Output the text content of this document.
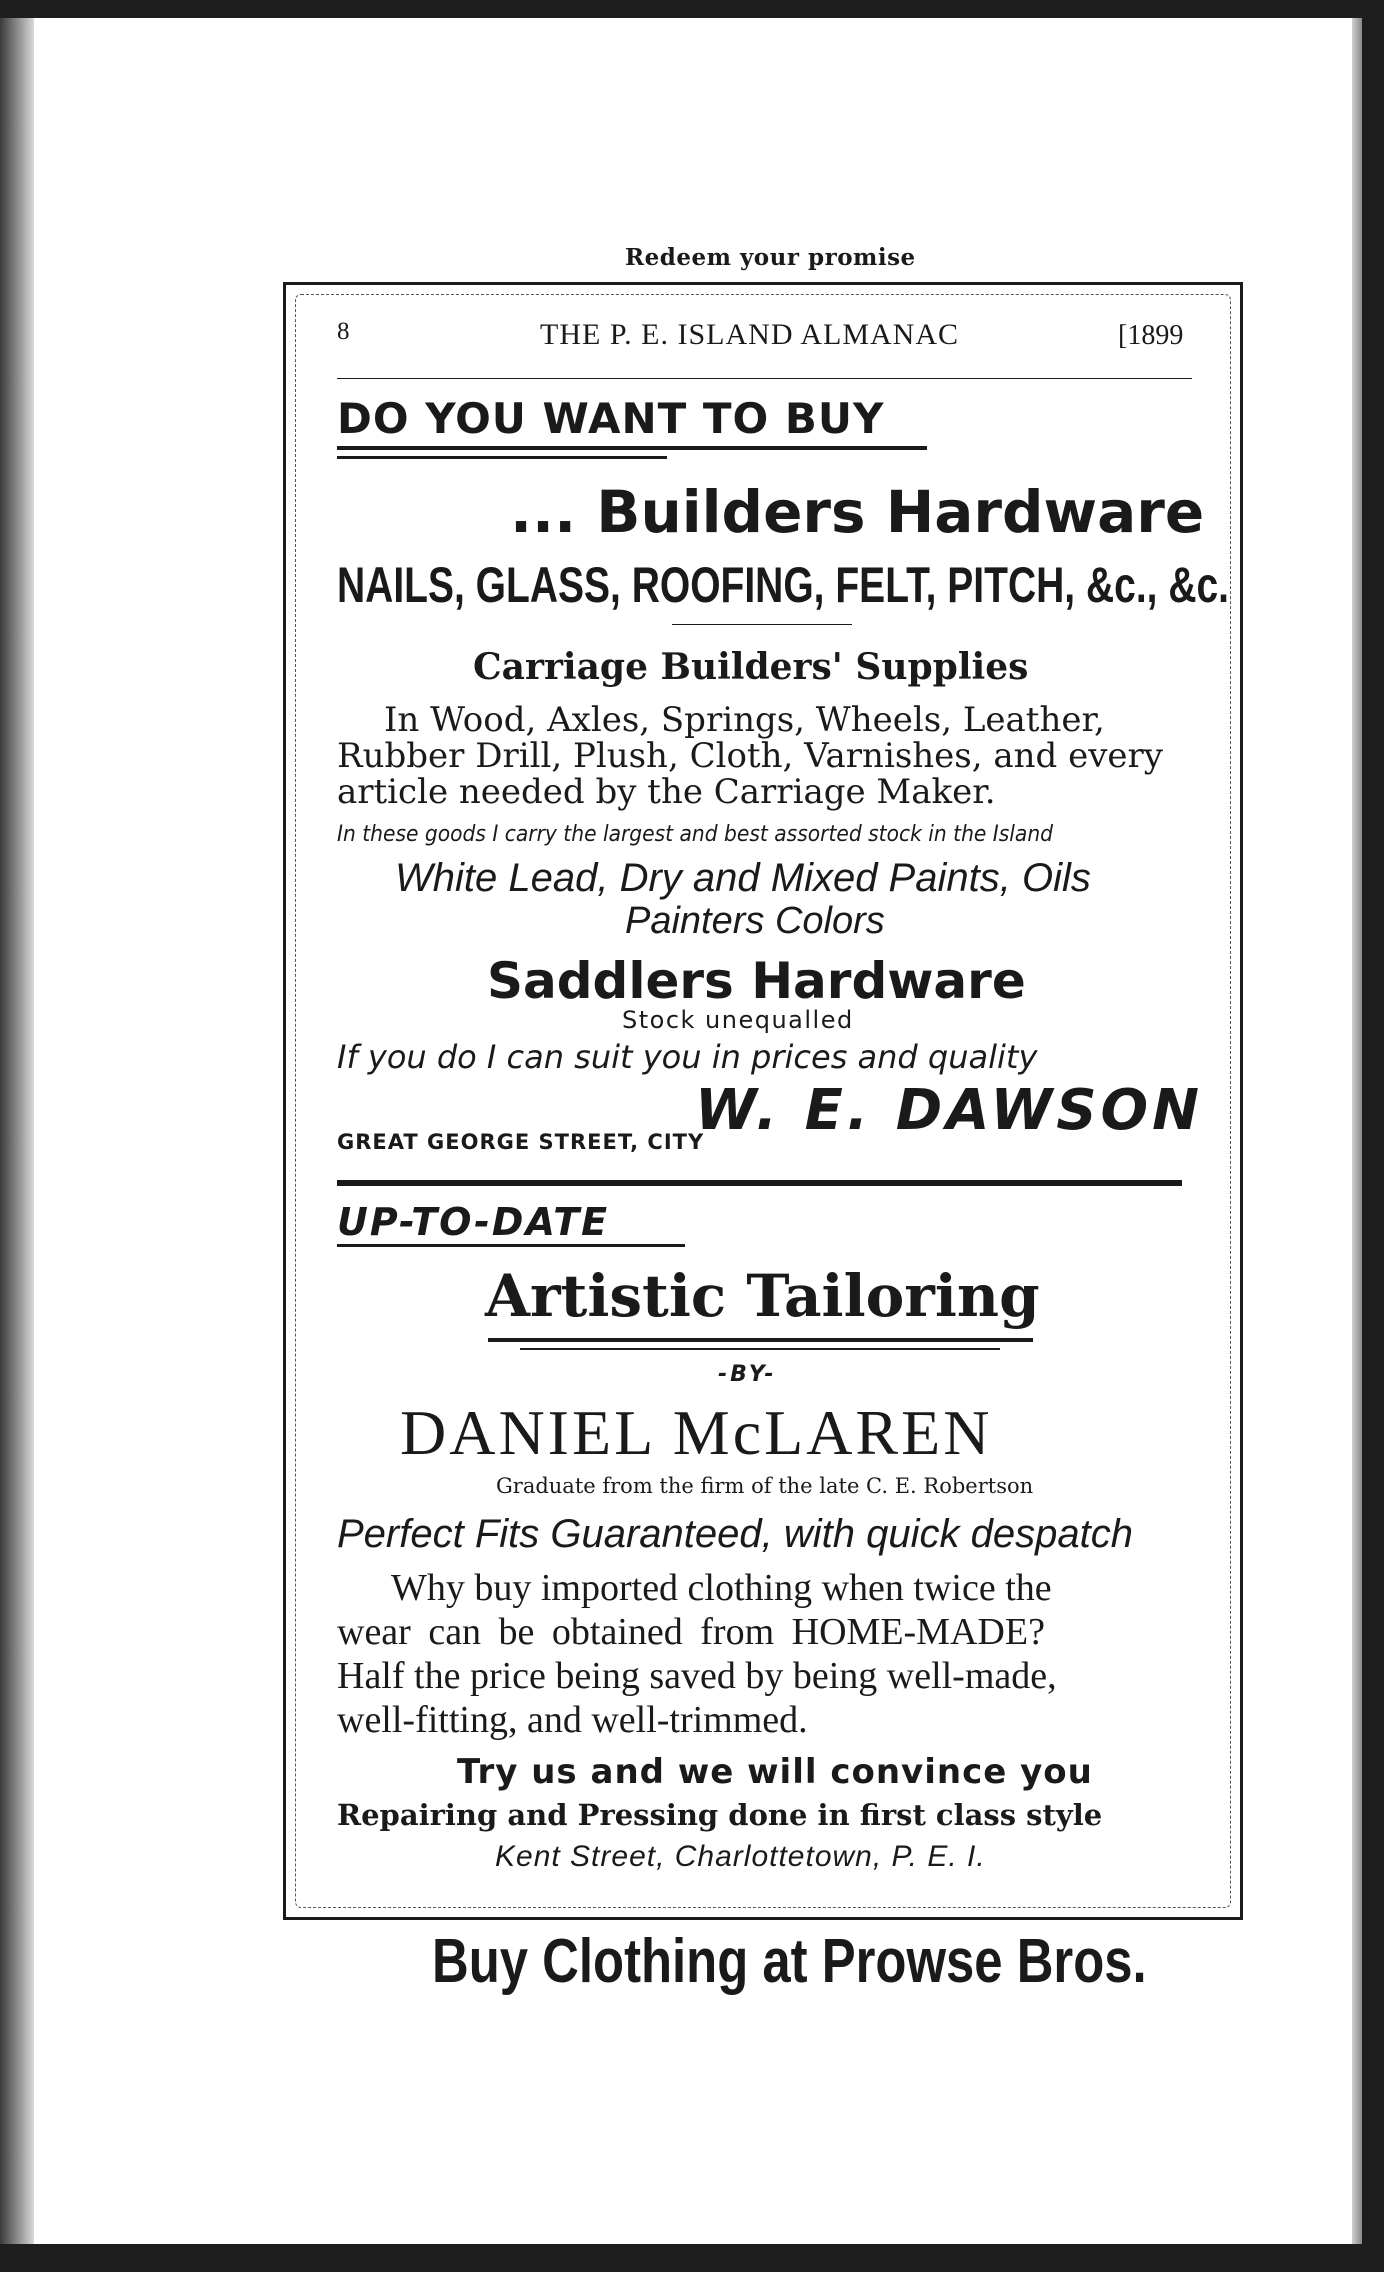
Redeem your promise
8	THE P. E. ISLAND ALMANAC	[1899
DO YOU WANT TO BUY
... Builders Hardware
NAILS, GLASS, ROOFING, FELT, PITCH, &c., &c.
Carriage Builders' Supplies
In Wood, Axles, Springs, Wheels, Leather,
Rubber Drill, Plush, Cloth, Varnishes, and every
article needed by the Carriage Maker.
In these goods I carry the largest and best assorted stock in the Island
White Lead, Dry and Mixed Paints, Oils
Painters Colors
Saddlers Hardware
Stock unequalled
If you do I can suit you in prices and quality
W. E. DAWSON
GREAT GEORGE STREET, CITY
UP-TO-DATE
Artistic Tailoring
-BY-
DANIEL McLAREN
Graduate from the firm of the late C. E. Robertson
Perfect Fits Guaranteed, with quick despatch
Why buy imported clothing when twice the
wear can be obtained from HOME-MADE?
Half the price being saved by being well-made,
well-fitting, and well-trimmed.
Try us and we will convince you
Repairing and Pressing done in first class style
Kent Street, Charlottetown, P. E. I.
Buy Clothing at Prowse Bros.
